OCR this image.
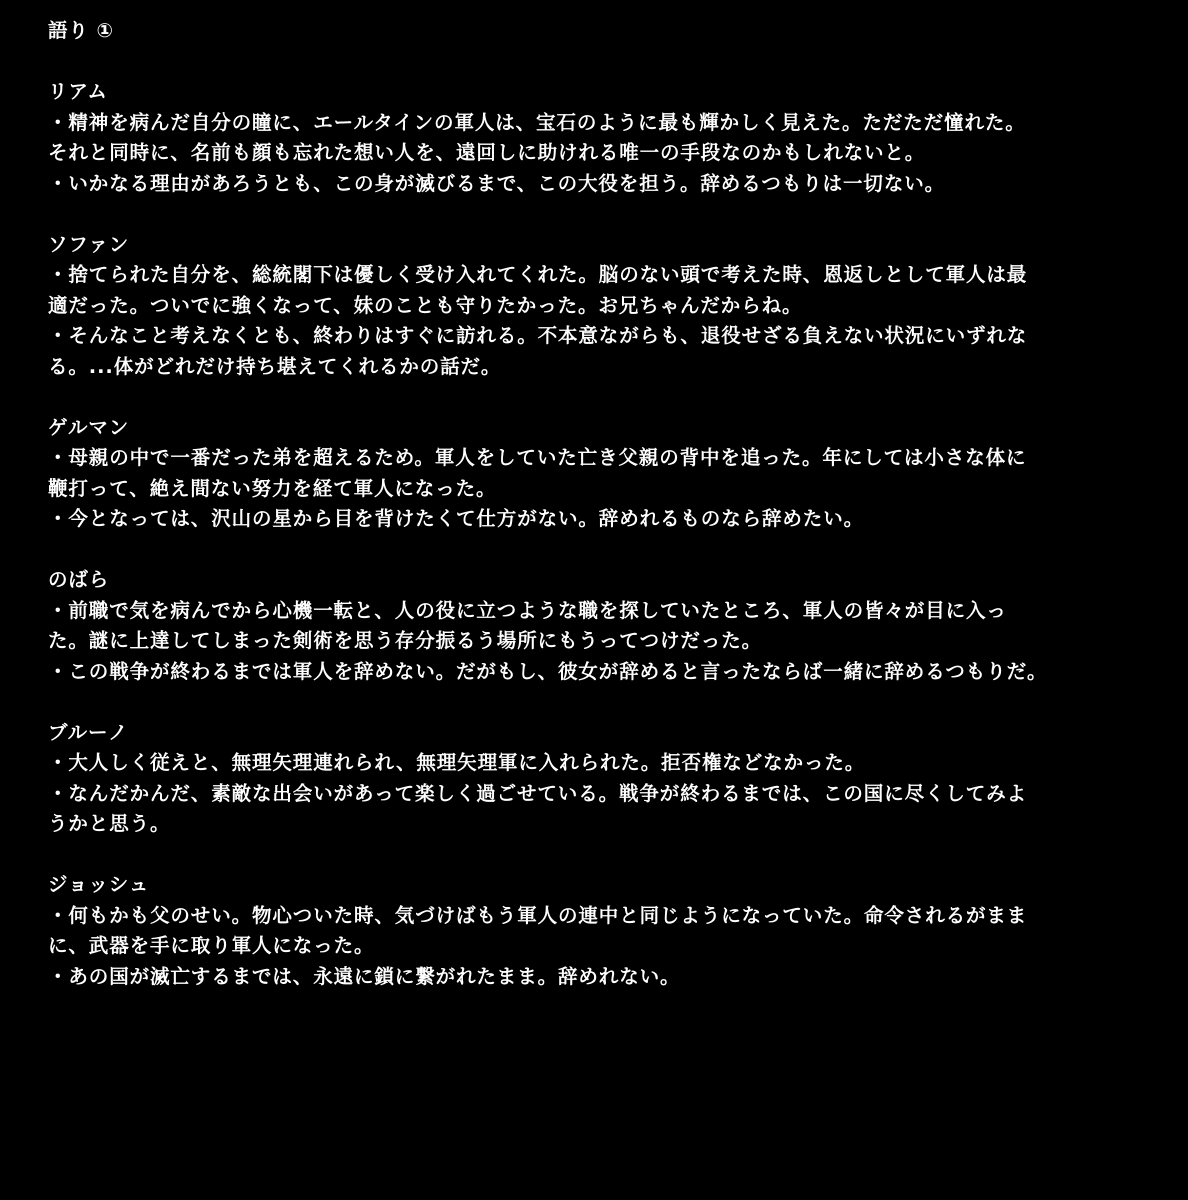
語り ①
リアム
・精神を病んだ自分の瞳に、エールタインの軍人は、宝石のように最も輝かしく見えた。ただただ憧れた。
それと同時に、名前も顔も忘れた想い人を、遠回しに助けれる唯一の手段なのかもしれないと。
・いかなる理由があろうとも、この身が滅びるまで、この大役を担う。辞めるつもりは一切ない。
ソファン
・捨てられた自分を、総統閣下は優しく受け入れてくれた。脳のない頭で考えた時、恩返しとして軍人は最
適だった。ついでに強くなって、妹のことも守りたかった。お兄ちゃんだからね。
・そんなこと考えなくとも、終わりはすぐに訪れる。不本意ながらも、退役せざる負えない状況にいずれな
る。...体がどれだけ持ち堪えてくれるかの話だ。
ゲルマン
・母親の中で一番だった弟を超えるため。軍人をしていた亡き父親の背中を追った。年にしては小さな体に
鞭打って、絶え間ない努力を経て軍人になった。
・今となっては、沢山の星から目を背けたくて仕方がない。辞めれるものなら辞めたい。
のばら
・前職で気を病んでから心機一転と、人の役に立つような職を探していたところ、軍人の皆々が目に入っ
た。謎に上達してしまった剣術を思う存分振るう場所にもうってつけだった。
・この戦争が終わるまでは軍人を辞めない。だがもし、彼女が辞めると言ったならば一緒に辞めるつもりだ。
ブルーノ
・大人しく従えと、無理矢理連れられ、無理矢理軍に入れられた。拒否権などなかった。
・なんだかんだ、素敵な出会いがあって楽しく過ごせている。戦争が終わるまでは、この国に尽くしてみよ
うかと思う。
ジョッシュ
・何もかも父のせい。物心ついた時、気づけばもう軍人の連中と同じようになっていた。命令されるがまま
に、武器を手に取り軍人になった。
・あの国が滅亡するまでは、永遠に鎖に繋がれたまま。辞めれない。
